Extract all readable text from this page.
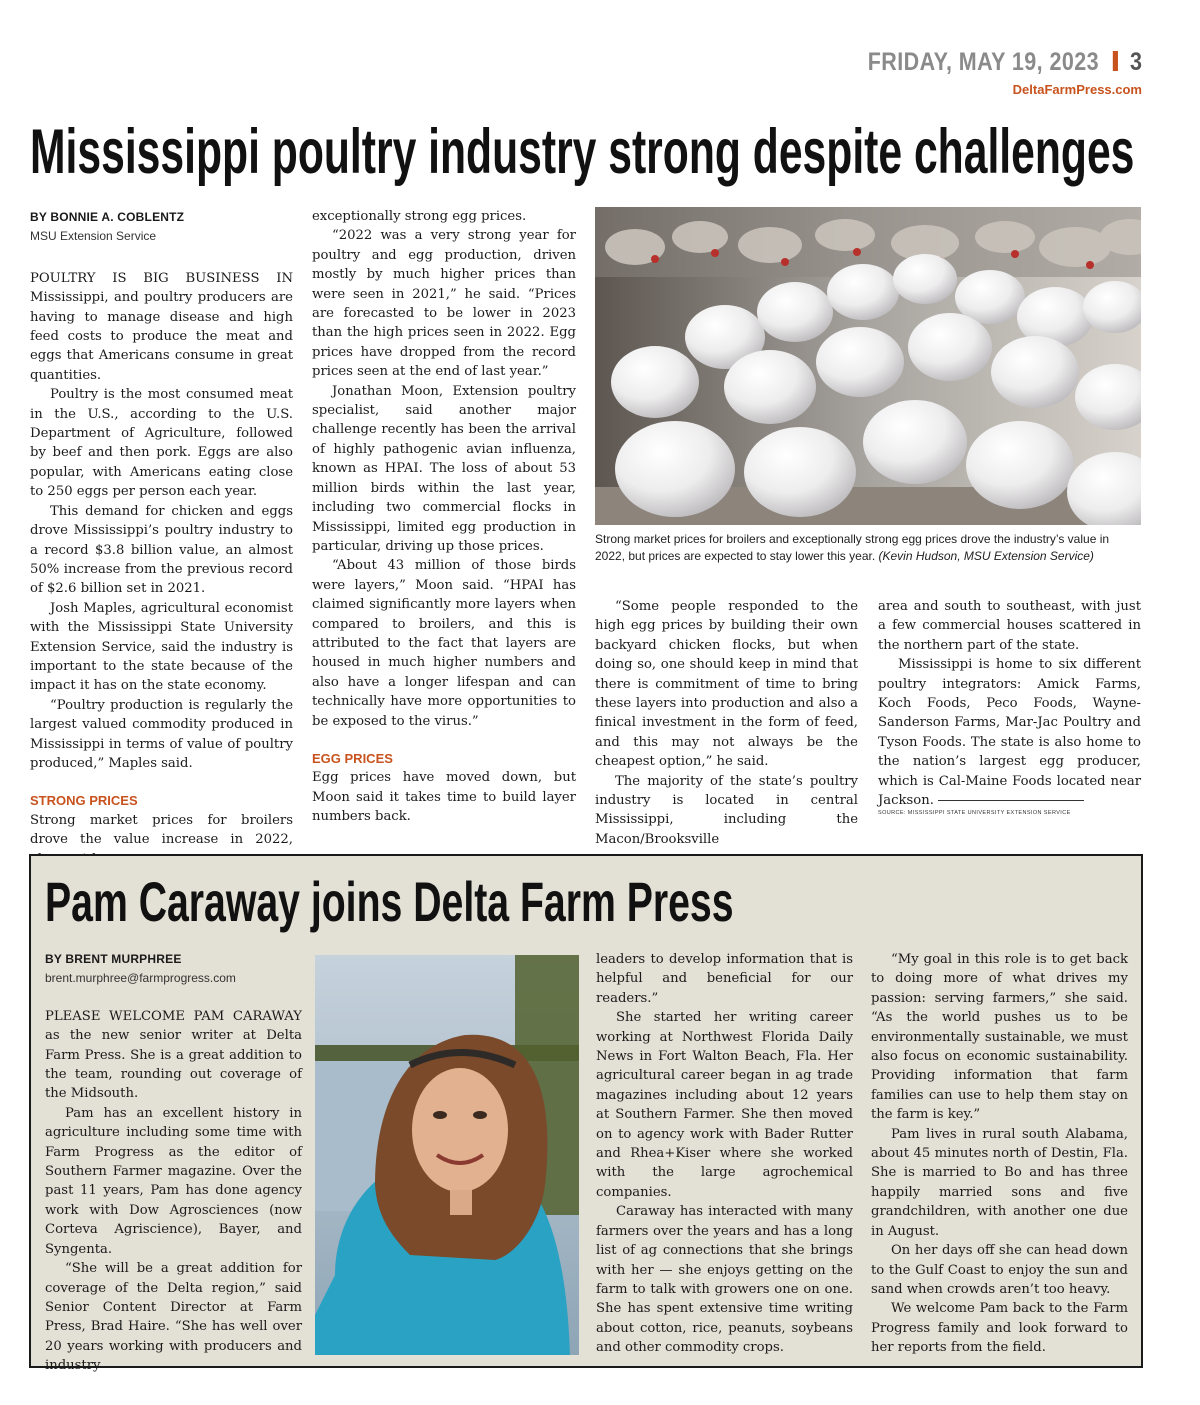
FRIDAY, MAY 19, 2023 3
DeltaFarmPress.com
Mississippi poultry industry strong despite challenges
BY BONNIE A. COBLENTZ
MSU Extension Service

POULTRY IS BIG BUSINESS IN Mississippi, and poultry producers are having to manage disease and high feed costs to produce the meat and eggs that Americans consume in great quantities.

Poultry is the most consumed meat in the U.S., according to the U.S. Department of Agriculture, followed by beef and then pork. Eggs are also popular, with Americans eating close to 250 eggs per person each year.

This demand for chicken and eggs drove Mississippi’s poultry industry to a record $3.8 billion value, an almost 50% increase from the previous record of $2.6 billion set in 2021.

Josh Maples, agricultural economist with the Mississippi State University Extension Service, said the industry is important to the state because of the impact it has on the state economy.

“Poultry production is regularly the largest valued commodity produced in Mississippi in terms of value of poultry produced,” Maples said.

STRONG PRICES

Strong market prices for broilers drove the value increase in 2022,

exceptionally strong egg prices.

“2022 was a very strong year for poultry and egg production, driven mostly by much higher prices than were seen in 2021,” he said. “Prices are forecasted to be lower in 2023 than the high prices seen in 2022. Egg prices have dropped from the record prices seen at the end of last year.”

Jonathan Moon, Extension poultry specialist, said another major challenge recently has been the arrival of highly pathogenic avian influenza, known as HPAI. The loss of about 53 million birds within the last year, including two commercial flocks in Mississippi, limited egg production in particular, driving up those prices.

“About 43 million of those birds were layers,” Moon said. “HPAI has claimed significantly more layers when compared to broilers, and this is attributed to the fact that layers are housed in much higher numbers and also have a longer lifespan and can technically have more opportunities to be exposed to the virus.”

EGG PRICES

Egg prices have moved down, but Moon said it takes time to build layer numbers back.

Strong market prices for broilers and exceptionally strong egg prices drove the industry’s value in 2022, but prices are expected to stay lower this year. (Kevin Hudson, MSU Extension Service)

“Some people responded to the high egg prices by building their own backyard chicken flocks, but when doing so, one should keep in mind that there is commitment of time to bring these layers into production and also a finical investment in the form of feed, and this may not always be the cheapest option,” he said.

The majority of the state’s poultry industry is located in central Mississippi, including the Macon/Brooksville

area and south to southeast, with just a few commercial houses scattered in the northern part of the state.

Mississippi is home to six different poultry integrators: Amick Farms, Koch Foods, Peco Foods, Wayne-Sanderson Farms, Mar-Jac Poultry and Tyson Foods. The state is also home to the nation’s largest egg producer, which is Cal-Maine Foods located near Jackson.

SOURCE: MISSISSIPPI STATE UNIVERSITY EXTENSION SERVICE
Pam Caraway joins Delta Farm Press
BY BRENT MURPHREE
brent.murphree@farmprogress.com

PLEASE WELCOME PAM CARAWAY as the new senior writer at Delta Farm Press. She is a great addition to the team, rounding out coverage of the Midsouth.

Pam has an excellent history in agriculture including some time with Farm Progress as the editor of Southern Farmer magazine. Over the past 11 years, Pam has done agency work with Dow Agrosciences (now Corteva Agriscience), Bayer, and Syngenta.

“She will be a great addition for coverage of the Delta region,” said Senior Content Director at Farm Press, Brad Haire. “She has well over 20 years working with producers and industry

leaders to develop information that is helpful and beneficial for our readers.”

She started her writing career working at Northwest Florida Daily News in Fort Walton Beach, Fla. Her agricultural career began in ag trade magazines including about 12 years at Southern Farmer. She then moved on to agency work with Bader Rutter and Rhea+Kiser where she worked with the large agrochemical companies.

Caraway has interacted with many farmers over the years and has a long list of ag connections that she brings with her — she enjoys getting on the farm to talk with growers one on one. She has spent extensive time writing about cotton, rice, peanuts, soybeans and other commodity crops.

“My goal in this role is to get back to doing more of what drives my passion: serving farmers,” she said. “As the world pushes us to be environmentally sustainable, we must also focus on economic sustainability. Providing information that farm families can use to help them stay on the farm is key.”

Pam lives in rural south Alabama, about 45 minutes north of Destin, Fla. She is married to Bo and has three happily married sons and five grandchildren, with another one due in August.

On her days off she can head down to the Gulf Coast to enjoy the sun and sand when crowds aren’t too heavy.

We welcome Pam back to the Farm Progress family and look forward to her reports from the field.
